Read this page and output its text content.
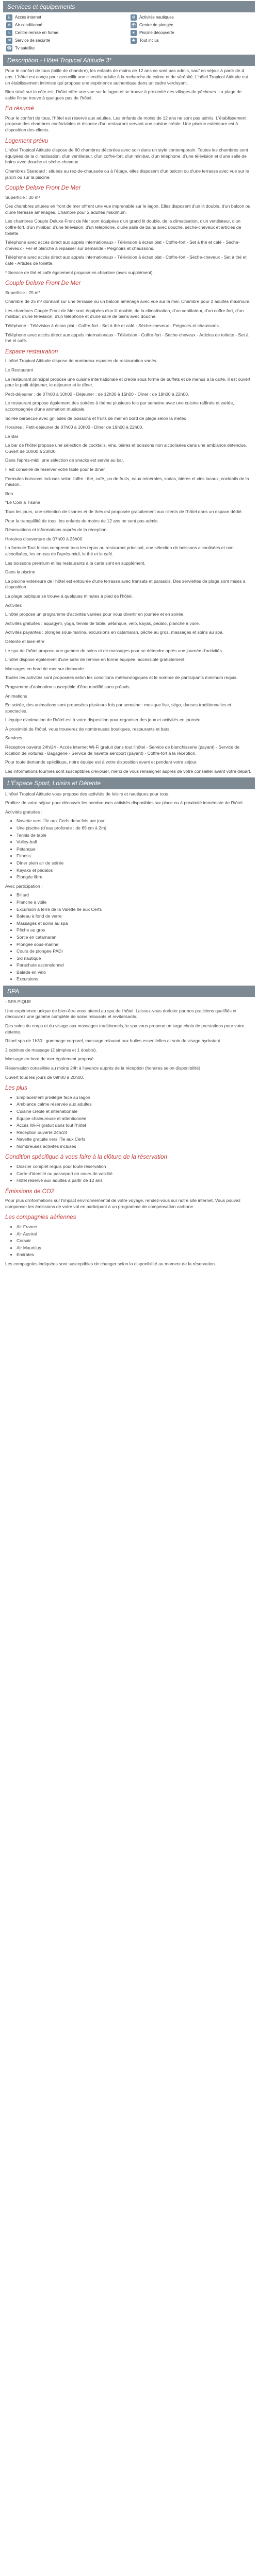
Services et équipements
♿ Accès internet	⚙ Activités nautiques
❄ Air conditionné	⛱ Centre de plongée
♨ Centre remise en forme	☀ Piscine découverte
✉ Service de sécurité	♣ Tout inclus
☎ Tv satellite
Description - Hôtel Tropical Attitude 3*

Pour le confort de tous (taille de chambre), les enfants de moins de 12 ans ne sont pas admis, sauf en séjour à partir de 4 ans. L'hôtel est conçu pour accueillir une clientèle adulte à la recherche de calme et de sérénité. L'hôtel Tropical Attitude est un établissement intimiste qui propose une expérience authentique dans un cadre verdoyant.

Bien situé sur la côte est, l'hôtel offre une vue sur le lagon et se trouve à proximité des villages de pêcheurs. La plage de sable fin se trouve à quelques pas de l'hôtel.

En résumé

Pour le confort de tous, l'hôtel est réservé aux adultes. Les enfants de moins de 12 ans ne sont pas admis. L'établissement propose des chambres confortables et dispose d'un restaurant servant une cuisine créole. Une piscine extérieure est à disposition des clients.

Logement prévu

L'hôtel Tropical Attitude dispose de 60 chambres décorées avec soin dans un style contemporain. Toutes les chambres sont équipées de la climatisation, d'un ventilateur, d'un coffre-fort, d'un minibar, d'un téléphone, d'une télévision et d'une salle de bains avec douche et sèche-cheveux.

Chambres Standard : situées au rez-de-chaussée ou à l'étage, elles disposent d'un balcon ou d'une terrasse avec vue sur le jardin ou sur la piscine.

Couple Deluxe Front De Mer

Superficie : 30 m²

Ces chambres situées en front de mer offrent une vue imprenable sur le lagon. Elles disposent d'un lit double, d'un balcon ou d'une terrasse aménagés. Chambre pour 2 adultes maximum.

Les chambres Couple Deluxe Front de Mer sont équipées d'un grand lit double, de la climatisation, d'un ventilateur, d'un coffre-fort, d'un minibar, d'une télévision, d'un téléphone, d'une salle de bains avec douche, sèche-cheveux et articles de toilette.

Téléphone avec accès direct aux appels internationaux - Télévision à écran plat - Coffre-fort - Set à thé et café - Sèche-cheveux - Fer et planche à repasser sur demande - Peignoirs et chaussons.

Téléphone avec accès direct aux appels internationaux - Télévision à écran plat - Coffre-fort - Sèche-cheveux - Set à thé et café - Articles de toilette.

* Service de thé et café également proposé en chambre (avec supplément).

Couple Deluxe Front De Mer

Superficie : 25 m²

Chambre de 25 m² donnant sur une terrasse ou un balcon aménagé avec vue sur la mer. Chambre pour 2 adultes maximum.

Les chambres Couple Front de Mer sont équipées d'un lit double, de la climatisation, d'un ventilateur, d'un coffre-fort, d'un minibar, d'une télévision, d'un téléphone et d'une salle de bains avec douche.

Téléphone - Télévision à écran plat - Coffre-fort - Set à thé et café - Sèche-cheveux - Peignoirs et chaussons.

Téléphone avec accès direct aux appels internationaux - Télévision - Coffre-fort - Sèche-cheveux - Articles de toilette - Set à thé et café.

Espace restauration

L'hôtel Tropical Attitude dispose de nombreux espaces de restauration variés.

Le Restaurant

Le restaurant principal propose une cuisine internationale et créole sous forme de buffets et de menus à la carte. Il est ouvert pour le petit-déjeuner, le déjeuner et le dîner.

Petit-déjeuner : de 07h00 à 10h00 - Déjeuner : de 12h30 à 15h00 - Dîner : de 19h00 à 22h00.

Le restaurant propose également des soirées à thème plusieurs fois par semaine avec une cuisine raffinée et variée, accompagnée d'une animation musicale.

Soirée barbecue avec grillades de poissons et fruits de mer en bord de plage selon la météo.

Horaires : Petit-déjeuner de 07h00 à 10h00 - Dîner de 19h00 à 22h00.

Le Bar

Le bar de l'hôtel propose une sélection de cocktails, vins, bières et boissons non alcoolisées dans une ambiance détendue. Ouvert de 10h00 à 23h00.

Dans l'après-midi, une sélection de snacks est servie au bar.

Il est conseillé de réserver votre table pour le dîner.

Formules boissons incluses selon l'offre : thé, café, jus de fruits, eaux minérales, sodas, bières et vins locaux, cocktails de la maison.

Bon

*Le Coin à Tisane

Tous les jours, une sélection de tisanes et de thés est proposée gratuitement aux clients de l'hôtel dans un espace dédié.

Pour la tranquillité de tous, les enfants de moins de 12 ans ne sont pas admis.

Réservations et informations auprès de la réception.

Horaires d'ouverture de 07h00 à 23h00

La formule Tout Inclus comprend tous les repas au restaurant principal, une sélection de boissons alcoolisées et non alcoolisées, les en-cas de l'après-midi, le thé et le café.

Les boissons premium et les restaurants à la carte sont en supplément.

Dans la piscine

La piscine extérieure de l'hôtel est entourée d'une terrasse avec transats et parasols. Des serviettes de plage sont mises à disposition.

La plage publique se trouve à quelques minutes à pied de l'hôtel.

Activités

L'hôtel propose un programme d'activités variées pour vous divertir en journée et en soirée.

Activités gratuites : aquagym, yoga, tennis de table, pétanque, vélo, kayak, pédalo, planche à voile.

Activités payantes : plongée sous-marine, excursions en catamaran, pêche au gros, massages et soins au spa.

Détente et bien-être

Le spa de l'hôtel propose une gamme de soins et de massages pour se détendre après une journée d'activités.

L'hôtel dispose également d'une salle de remise en forme équipée, accessible gratuitement.

Massages en bord de mer sur demande.

Toutes les activités sont proposées selon les conditions météorologiques et le nombre de participants minimum requis.

Programme d'animation susceptible d'être modifié sans préavis.

Animations

En soirée, des animations sont proposées plusieurs fois par semaine : musique live, séga, danses traditionnelles et spectacles.

L'équipe d'animation de l'hôtel est à votre disposition pour organiser des jeux et activités en journée.

À proximité de l'hôtel, vous trouverez de nombreuses boutiques, restaurants et bars.

Services

Réception ouverte 24h/24 - Accès internet Wi-Fi gratuit dans tout l'hôtel - Service de blanchisserie (payant) - Service de location de voitures - Bagagerie - Service de navette aéroport (payant) - Coffre-fort à la réception.

Pour toute demande spécifique, notre équipe est à votre disposition avant et pendant votre séjour.

Les informations fournies sont susceptibles d'évoluer, merci de vous renseigner auprès de votre conseiller avant votre départ.

L'Espace Sport, Loisirs et Détente

L'hôtel Tropical Attitude vous propose des activités de loisirs et nautiques pour tous.

Profitez de votre séjour pour découvrir les nombreuses activités disponibles sur place ou à proximité immédiate de l'hôtel.

Activités gratuites :

• Navette vers l'Île aux Cerfs deux fois par jour
• Une piscine (d'eau profonde : de 65 cm à 2m)
• Tennis de table
• Volley-ball
• Pétanque
• Fitness
• Dîner plein air de soirée
• Kayaks et pédalos
• Plongée libre

Avec participation :

• Billard
• Planche à voile
• Excursion à terre de la Valette Ile aux Cerfs
• Bateau à fond de verre
• Massages et soins au spa
• Pêche au gros
• Sortie en catamaran
• Plongée sous-marine
• Cours de plongée PADI
• Ski nautique
• Parachute ascensionnel
• Balade en vélo
• Excursions
SPA

- SPA PIQUE

Une expérience unique de bien-être vous attend au spa de l'hôtel. Laissez-vous dorloter par nos praticiens qualifiés et découvrez une gamme complète de soins relaxants et revitalisants.

Des soins du corps et du visage aux massages traditionnels, le spa vous propose un large choix de prestations pour votre détente.

Rituel spa de 1h30 : gommage corporel, massage relaxant aux huiles essentielles et soin du visage hydratant.

2 cabines de massage (2 simples et 1 double).

Massage en bord de mer également proposé.

Réservation conseillée au moins 24h à l'avance auprès de la réception (horaires selon disponibilité).

Ouvert tous les jours de 09h00 à 20h00.

Les plus
• Emplacement privilégié face au lagon
• Ambiance calme réservée aux adultes
• Cuisine créole et internationale
• Équipe chaleureuse et attentionnée
• Accès Wi-Fi gratuit dans tout l'hôtel
• Réception ouverte 24h/24
• Navette gratuite vers l'Île aux Cerfs
• Nombreuses activités incluses
Condition spécifique à vous faire à la clôture de la réservation
• Dossier complet requis pour toute réservation
• Carte d'identité ou passeport en cours de validité
• Hôtel réservé aux adultes à partir de 12 ans
Émissions de CO2

Pour plus d'informations sur l'impact environnemental de votre voyage, rendez-vous sur notre site internet. Vous pouvez compenser les émissions de votre vol en participant à un programme de compensation carbone.

Les compagnies aériennes
• Air France
• Air Austral
• Corsair
• Air Mauritius
• Emirates

Les compagnies indiquées sont susceptibles de changer selon la disponibilité au moment de la réservation.
